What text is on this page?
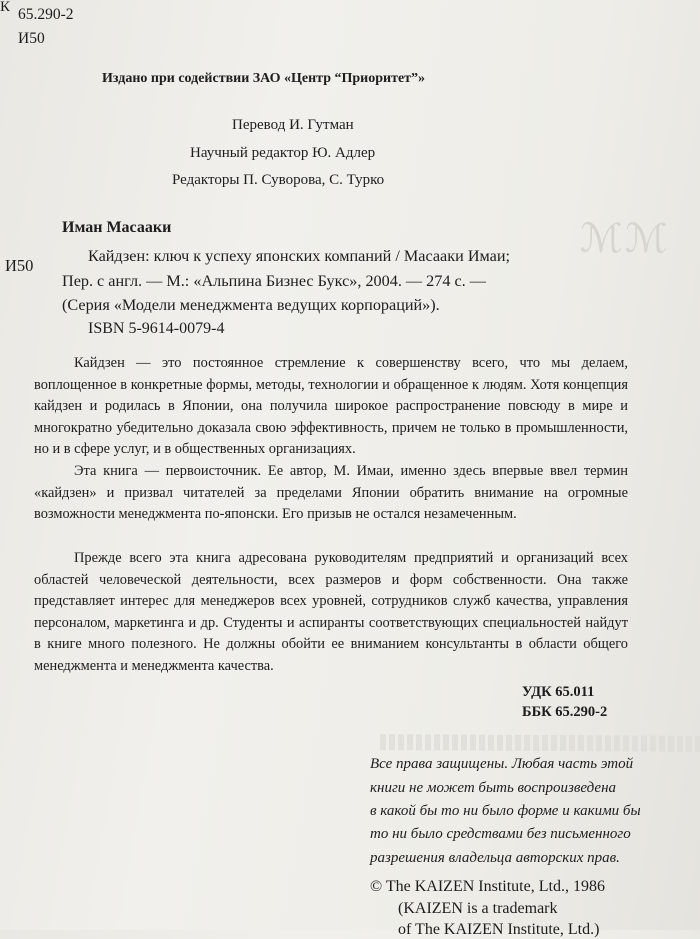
ℳℳ
К 65.290-2
И50
Издано при содействии ЗАО «Центр “Приоритет”»
Перевод И. Гутман
Научный редактор Ю. Адлер
Редакторы П. Суворова, С. Турко
Иман Масааки
И50	Кайдзен: ключ к успеху японских компаний / Масааки Имаи;
Пер. с англ. — М.: «Альпина Бизнес Букс», 2004. — 274 с. —
(Серия «Модели менеджмента ведущих корпораций»).
ISBN 5-9614-0079-4
Кайдзен — это постоянное стремление к совершенству всего, что мы делаем, воплощенное в конкретные формы, методы, технологии и обращенное к людям. Хотя концепция кайдзен и родилась в Японии, она получила широкое распространение повсюду в мире и многократно убедительно доказала свою эффективность, причем не только в промышленности, но и в сфере услуг, и в общественных организациях.
Эта книга — первоисточник. Ее автор, М. Имаи, именно здесь впервые ввел термин «кайдзен» и призвал читателей за пределами Японии обратить внимание на огромные возможности менеджмента по-японски. Его призыв не остался незамеченным.
Прежде всего эта книга адресована руководителям предприятий и организаций всех областей человеческой деятельности, всех размеров и форм собственности. Она также представляет интерес для менеджеров всех уровней, сотрудников служб качества, управления персоналом, маркетинга и др. Студенты и аспиранты соответствующих специальностей найдут в книге много полезного. Не должны обойти ее вниманием консультанты в области общего менеджмента и менеджмента качества.
УДК 65.011
ББК 65.290-2
Все права защищены. Любая часть этой
книги не может быть воспроизведена
в какой бы то ни было форме и какими бы
то ни было средствами без письменного
разрешения владельца авторских прав.
© The KAIZEN Institute, Ltd., 1986
(KAIZEN is a trademark
of The KAIZEN Institute, Ltd.)
